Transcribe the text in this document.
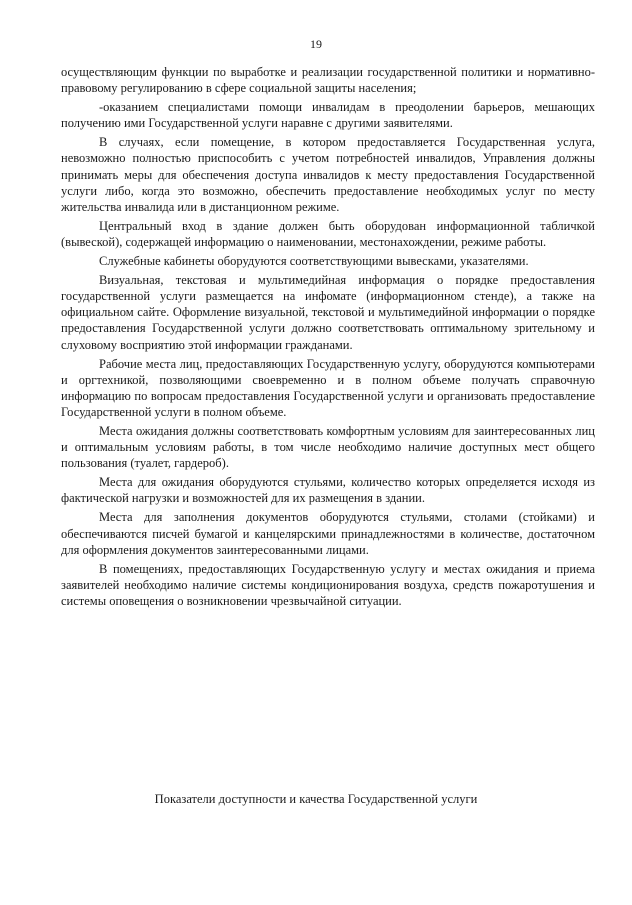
19

осуществляющим функции по выработке и реализации государственной политики и нормативно-правовому регулированию в сфере социальной защиты населения;

-оказанием специалистами помощи инвалидам в преодолении барьеров, мешающих получению ими Государственной услуги наравне с другими заявителями.

В случаях, если помещение, в котором предоставляется Государственная услуга, невозможно полностью приспособить с учетом потребностей инвалидов, Управления должны принимать меры для обеспечения доступа инвалидов к месту предоставления Государственной услуги либо, когда это возможно, обеспечить предоставление необходимых услуг по месту жительства инвалида или в дистанционном режиме.

Центральный вход в здание должен быть оборудован информационной табличкой (вывеской), содержащей информацию о наименовании, местонахождении, режиме работы.

Служебные кабинеты оборудуются соответствующими вывесками, указателями.

Визуальная, текстовая и мультимедийная информация о порядке предоставления государственной услуги размещается на инфомате (информационном стенде), а также на официальном сайте. Оформление визуальной, текстовой и мультимедийной информации о порядке предоставления Государственной услуги должно соответствовать оптимальному зрительному и слуховому восприятию этой информации гражданами.

Рабочие места лиц, предоставляющих Государственную услугу, оборудуются компьютерами и оргтехникой, позволяющими своевременно и в полном объеме получать справочную информацию по вопросам предоставления Государственной услуги и организовать предоставление Государственной услуги в полном объеме.

Места ожидания должны соответствовать комфортным условиям для заинтересованных лиц и оптимальным условиям работы, в том числе необходимо наличие доступных мест общего пользования (туалет, гардероб).

Места для ожидания оборудуются стульями, количество которых определяется исходя из фактической нагрузки и возможностей для их размещения в здании.

Места для заполнения документов оборудуются стульями, столами (стойками) и обеспечиваются писчей бумагой и канцелярскими принадлежностями в количестве, достаточном для оформления документов заинтересованными лицами.

В помещениях, предоставляющих Государственную услугу и местах ожидания и приема заявителей необходимо наличие системы кондиционирования воздуха, средств пожаротушения и системы оповещения о возникновении чрезвычайной ситуации.

Показатели доступности и качества Государственной услуги
